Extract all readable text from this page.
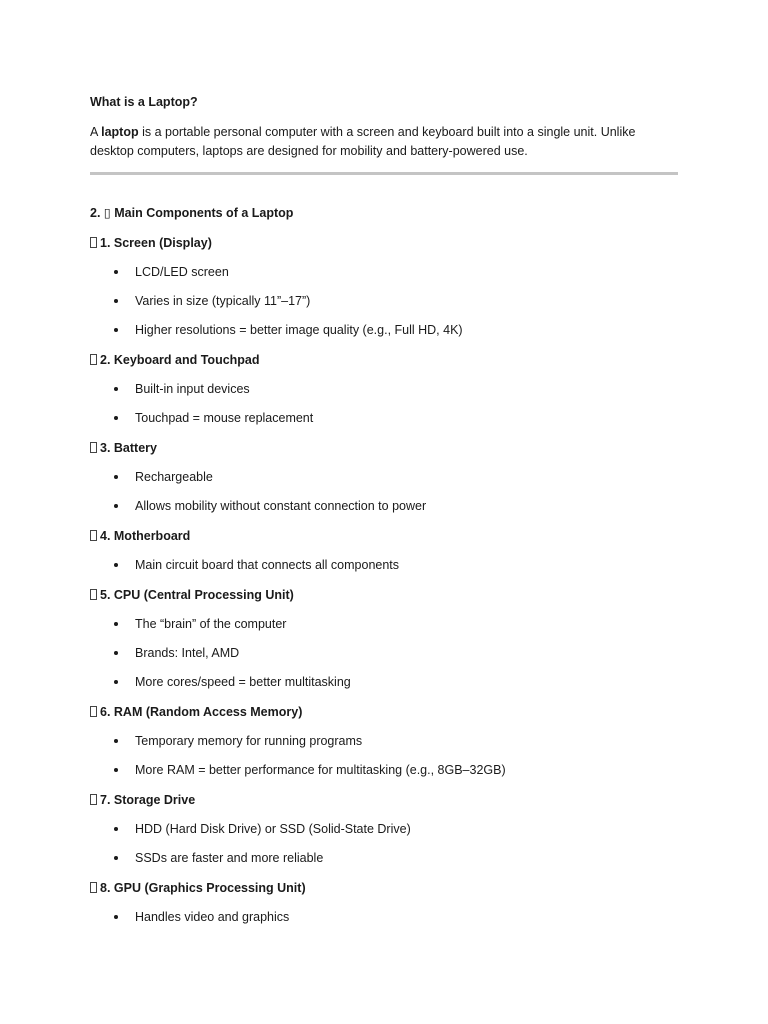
What is a Laptop?

A laptop is a portable personal computer with a screen and keyboard built into a single unit. Unlike desktop computers, laptops are designed for mobility and battery-powered use.

2. ▯ Main Components of a Laptop

1. Screen (Display)

LCD/LED screen
Varies in size (typically 11”–17”)
Higher resolutions = better image quality (e.g., Full HD, 4K)

2. Keyboard and Touchpad

Built-in input devices
Touchpad = mouse replacement

3. Battery

Rechargeable
Allows mobility without constant connection to power

4. Motherboard

Main circuit board that connects all components

5. CPU (Central Processing Unit)

The “brain” of the computer
Brands: Intel, AMD
More cores/speed = better multitasking

6. RAM (Random Access Memory)

Temporary memory for running programs
More RAM = better performance for multitasking (e.g., 8GB–32GB)

7. Storage Drive

HDD (Hard Disk Drive) or SSD (Solid-State Drive)
SSDs are faster and more reliable

8. GPU (Graphics Processing Unit)

Handles video and graphics
